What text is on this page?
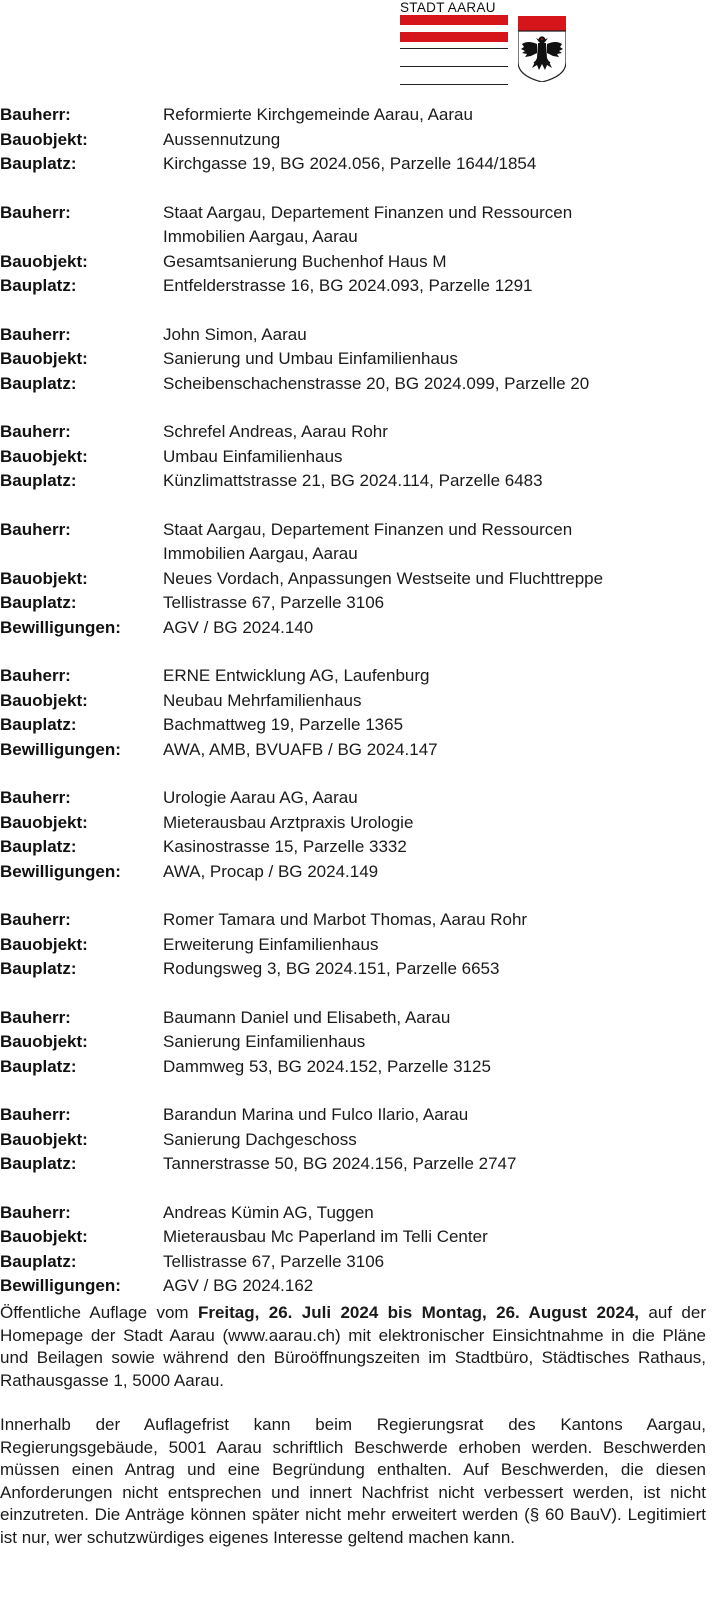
STADT AARAU
Bauherr:	Reformierte Kirchgemeinde Aarau, Aarau
Bauobjekt:	Aussennutzung
Bauplatz:	Kirchgasse 19, BG 2024.056, Parzelle 1644/1854
Bauherr:	Staat Aargau, Departement Finanzen und Ressourcen
Immobilien Aargau, Aarau
Bauobjekt:	Gesamtsanierung Buchenhof Haus M
Bauplatz:	Entfelderstrasse 16, BG 2024.093, Parzelle 1291
Bauherr:	John Simon, Aarau
Bauobjekt:	Sanierung und Umbau Einfamilienhaus
Bauplatz:	Scheibenschachenstrasse 20, BG 2024.099, Parzelle 20
Bauherr:	Schrefel Andreas, Aarau Rohr
Bauobjekt:	Umbau Einfamilienhaus
Bauplatz:	Künzlimattstrasse 21, BG 2024.114, Parzelle 6483
Bauherr:	Staat Aargau, Departement Finanzen und Ressourcen
Immobilien Aargau, Aarau
Bauobjekt:	Neues Vordach, Anpassungen Westseite und Fluchttreppe
Bauplatz:	Tellistrasse 67, Parzelle 3106
Bewilligungen:	AGV / BG 2024.140
Bauherr:	ERNE Entwicklung AG, Laufenburg
Bauobjekt:	Neubau Mehrfamilienhaus
Bauplatz:	Bachmattweg 19, Parzelle 1365
Bewilligungen:	AWA, AMB, BVUAFB / BG 2024.147
Bauherr:	Urologie Aarau AG, Aarau
Bauobjekt:	Mieterausbau Arztpraxis Urologie
Bauplatz:	Kasinostrasse 15, Parzelle 3332
Bewilligungen:	AWA, Procap / BG 2024.149
Bauherr:	Romer Tamara und Marbot Thomas, Aarau Rohr
Bauobjekt:	Erweiterung Einfamilienhaus
Bauplatz:	Rodungsweg 3, BG 2024.151, Parzelle 6653
Bauherr:	Baumann Daniel und Elisabeth, Aarau
Bauobjekt:	Sanierung Einfamilienhaus
Bauplatz:	Dammweg 53, BG 2024.152, Parzelle 3125
Bauherr:	Barandun Marina und Fulco Ilario, Aarau
Bauobjekt:	Sanierung Dachgeschoss
Bauplatz:	Tannerstrasse 50, BG 2024.156, Parzelle 2747
Bauherr:	Andreas Kümin AG, Tuggen
Bauobjekt:	Mieterausbau Mc Paperland im Telli Center
Bauplatz:	Tellistrasse 67, Parzelle 3106
Bewilligungen:	AGV / BG 2024.162

Öffentliche Auflage vom Freitag, 26. Juli 2024 bis Montag, 26. August 2024, auf der Homepage der Stadt Aarau (www.aarau.ch) mit elektronischer Einsichtnahme in die Pläne und Beilagen sowie während den Büroöffnungszeiten im Stadtbüro, Städtisches Rathaus, Rathausgasse 1, 5000 Aarau.

Innerhalb der Auflagefrist kann beim Regierungsrat des Kantons Aargau, Regierungsgebäude, 5001 Aarau schriftlich Beschwerde erhoben werden. Beschwerden müssen einen Antrag und eine Begründung enthalten. Auf Beschwerden, die diesen Anforderungen nicht entsprechen und innert Nachfrist nicht verbessert werden, ist nicht einzutreten. Die Anträge können später nicht mehr erweitert werden (§ 60 BauV). Legitimiert ist nur, wer schutzwürdiges eigenes Interesse geltend machen kann.
